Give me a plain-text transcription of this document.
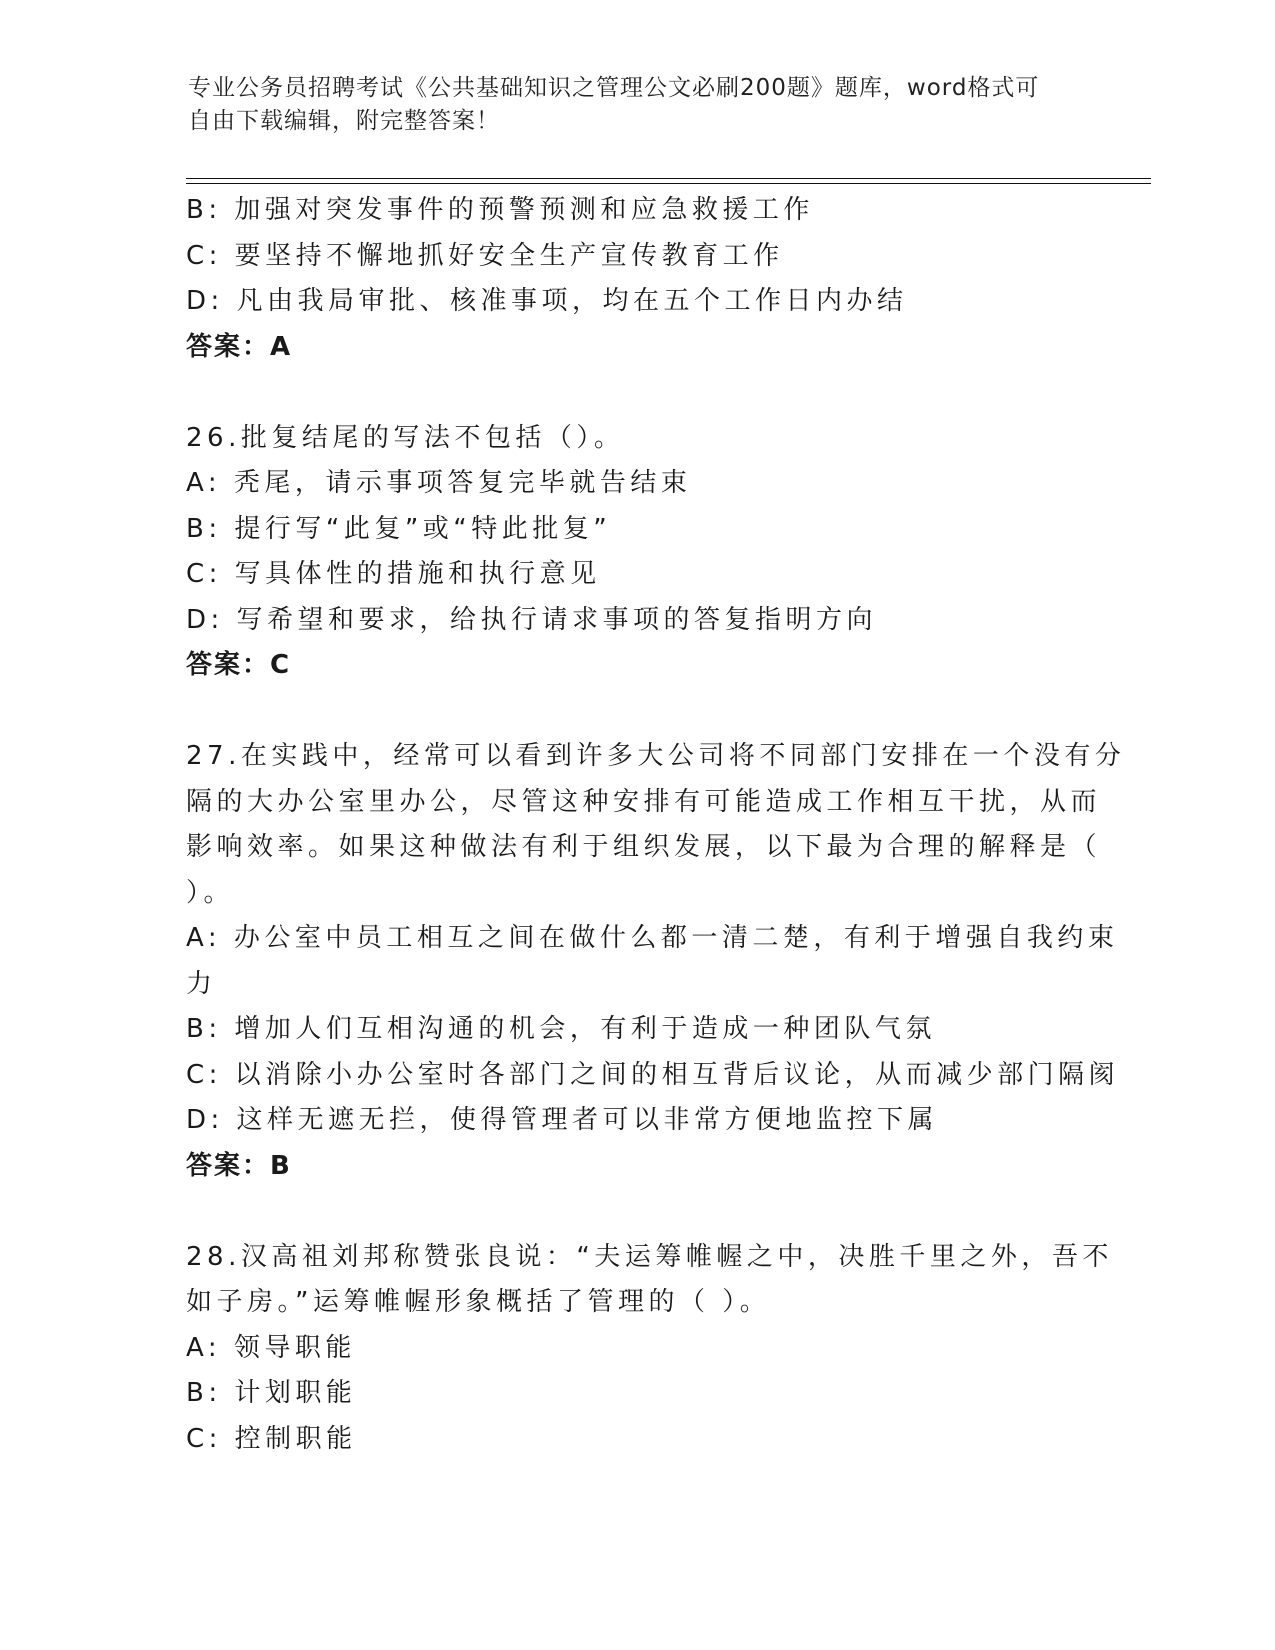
专业公务员招聘考试《公共基础知识之管理公文必刷200题》题库，word格式可
自由下载编辑，附完整答案！
B: 加强对突发事件的预警预测和应急救援工作
C: 要坚持不懈地抓好安全生产宣传教育工作
D: 凡由我局审批、核准事项，均在五个工作日内办结
答案：A
26.批复结尾的写法不包括（）。
A: 秃尾，请示事项答复完毕就告结束
B: 提行写“此复”或“特此批复”
C: 写具体性的措施和执行意见
D: 写希望和要求，给执行请求事项的答复指明方向
答案：C
27.在实践中，经常可以看到许多大公司将不同部门安排在一个没有分
隔的大办公室里办公，尽管这种安排有可能造成工作相互干扰，从而
影响效率。如果这种做法有利于组织发展，以下最为合理的解释是（
）。
A: 办公室中员工相互之间在做什么都一清二楚，有利于增强自我约束
力
B: 增加人们互相沟通的机会，有利于造成一种团队气氛
C: 以消除小办公室时各部门之间的相互背后议论，从而减少部门隔阂
D: 这样无遮无拦，使得管理者可以非常方便地监控下属
答案：B
28.汉高祖刘邦称赞张良说：“夫运筹帷幄之中，决胜千里之外，吾不
如子房。”运筹帷幄形象概括了管理的（ ）。
A: 领导职能
B: 计划职能
C: 控制职能
